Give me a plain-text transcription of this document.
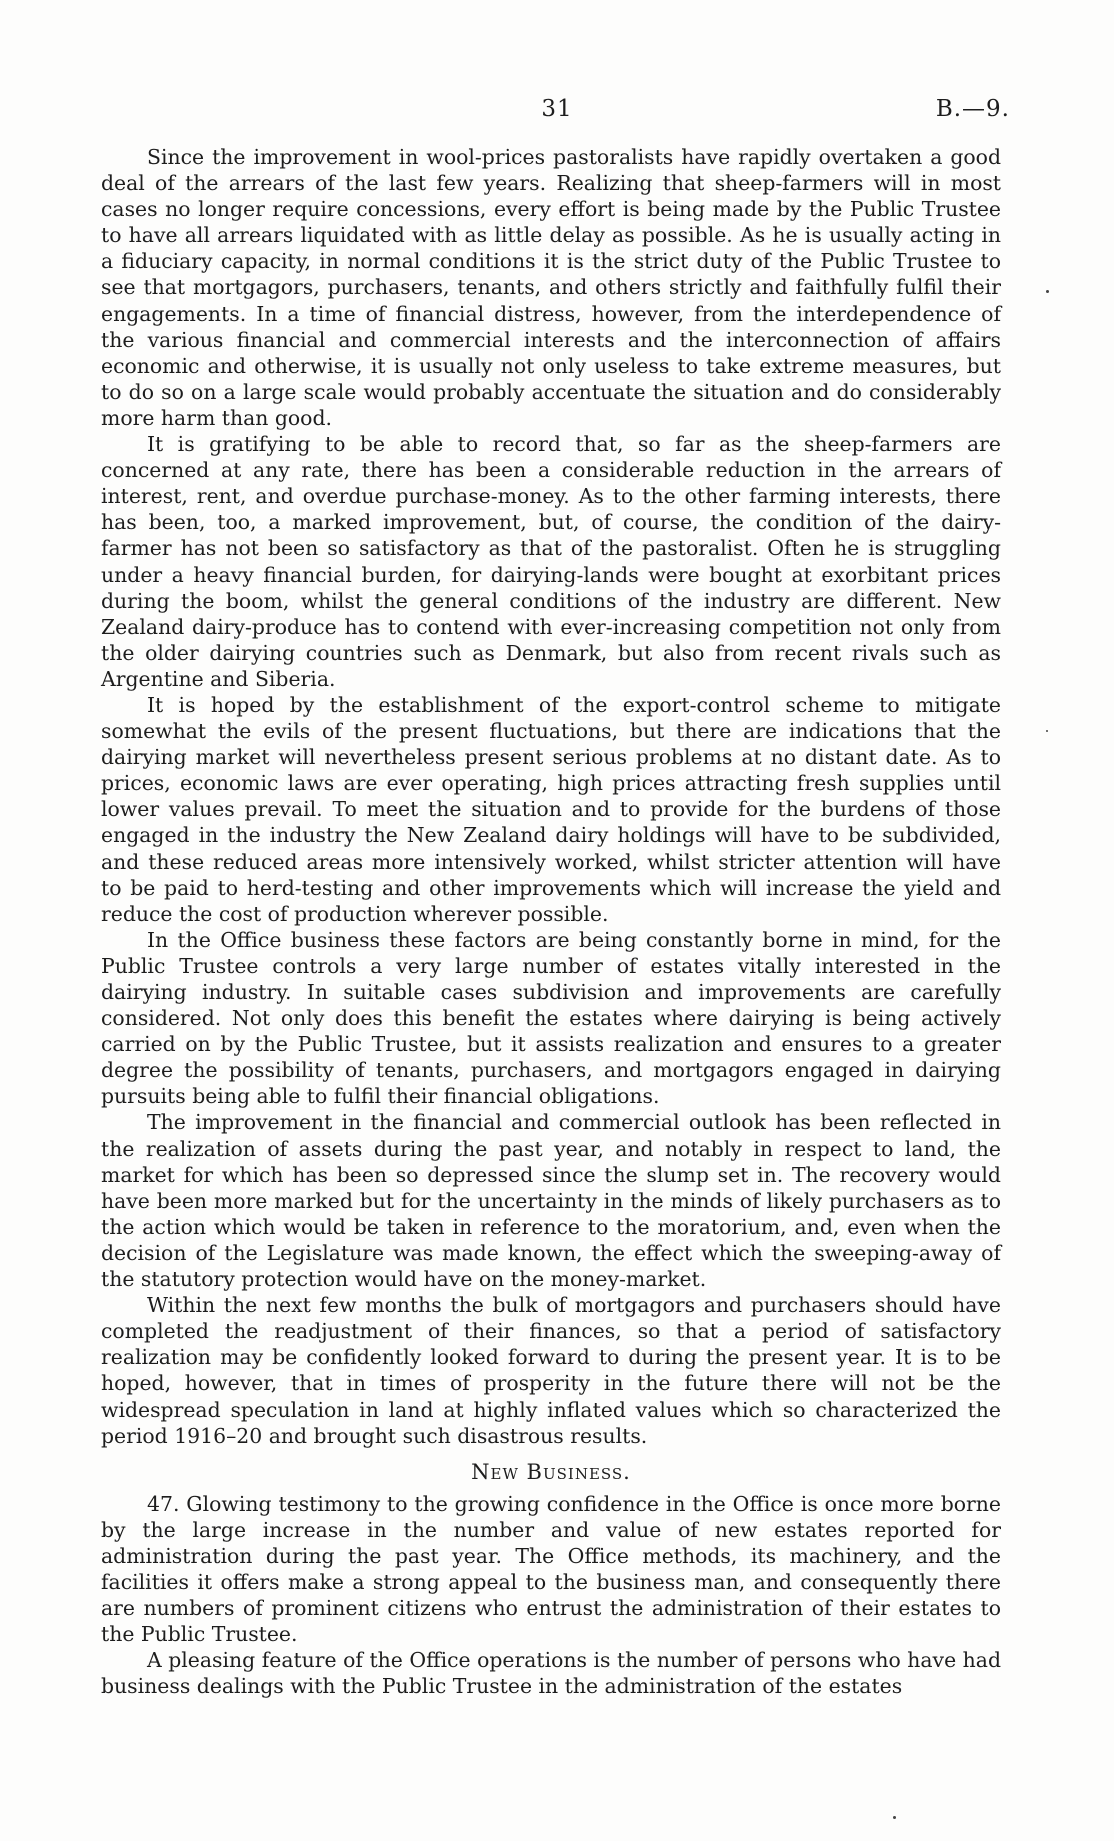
31	B.—9.

Since the improvement in wool-prices pastoralists have rapidly overtaken a good deal of the arrears of the last few years. Realizing that sheep-farmers will in most cases no longer require concessions, every effort is being made by the Public Trustee to have all arrears liquidated with as little delay as possible. As he is usually acting in a fiduciary capacity, in normal conditions it is the strict duty of the Public Trustee to see that mortgagors, purchasers, tenants, and others strictly and faithfully fulfil their engagements. In a time of financial distress, however, from the interdependence of the various financial and commercial interests and the interconnection of affairs economic and otherwise, it is usually not only useless to take extreme measures, but to do so on a large scale would probably accentuate the situation and do considerably more harm than good.

It is gratifying to be able to record that, so far as the sheep-farmers are concerned at any rate, there has been a considerable reduction in the arrears of interest, rent, and overdue purchase-money. As to the other farming interests, there has been, too, a marked improvement, but, of course, the condition of the dairy-farmer has not been so satisfactory as that of the pastoralist. Often he is struggling under a heavy financial burden, for dairying-lands were bought at exorbitant prices during the boom, whilst the general conditions of the industry are different. New Zealand dairy-produce has to contend with ever-increasing competition not only from the older dairying countries such as Denmark, but also from recent rivals such as Argentine and Siberia.

It is hoped by the establishment of the export-control scheme to mitigate somewhat the evils of the present fluctuations, but there are indications that the dairying market will nevertheless present serious problems at no distant date. As to prices, economic laws are ever operating, high prices attracting fresh supplies until lower values prevail. To meet the situation and to provide for the burdens of those engaged in the industry the New Zealand dairy holdings will have to be subdivided, and these reduced areas more intensively worked, whilst stricter attention will have to be paid to herd-testing and other improvements which will increase the yield and reduce the cost of production wherever possible.

In the Office business these factors are being constantly borne in mind, for the Public Trustee controls a very large number of estates vitally interested in the dairying industry. In suitable cases subdivision and improvements are carefully considered. Not only does this benefit the estates where dairying is being actively carried on by the Public Trustee, but it assists realization and ensures to a greater degree the possibility of tenants, purchasers, and mortgagors engaged in dairying pursuits being able to fulfil their financial obligations.

The improvement in the financial and commercial outlook has been reflected in the realization of assets during the past year, and notably in respect to land, the market for which has been so depressed since the slump set in. The recovery would have been more marked but for the uncertainty in the minds of likely purchasers as to the action which would be taken in reference to the moratorium, and, even when the decision of the Legislature was made known, the effect which the sweeping-away of the statutory protection would have on the money-market.

Within the next few months the bulk of mortgagors and purchasers should have completed the readjustment of their finances, so that a period of satisfactory realization may be confidently looked forward to during the present year. It is to be hoped, however, that in times of prosperity in the future there will not be the widespread speculation in land at highly inflated values which so characterized the period 1916–20 and brought such disastrous results.

New Business.

47. Glowing testimony to the growing confidence in the Office is once more borne by the large increase in the number and value of new estates reported for administration during the past year. The Office methods, its machinery, and the facilities it offers make a strong appeal to the business man, and consequently there are numbers of prominent citizens who entrust the administration of their estates to the Public Trustee.

A pleasing feature of the Office operations is the number of persons who have had business dealings with the Public Trustee in the administration of the estates
